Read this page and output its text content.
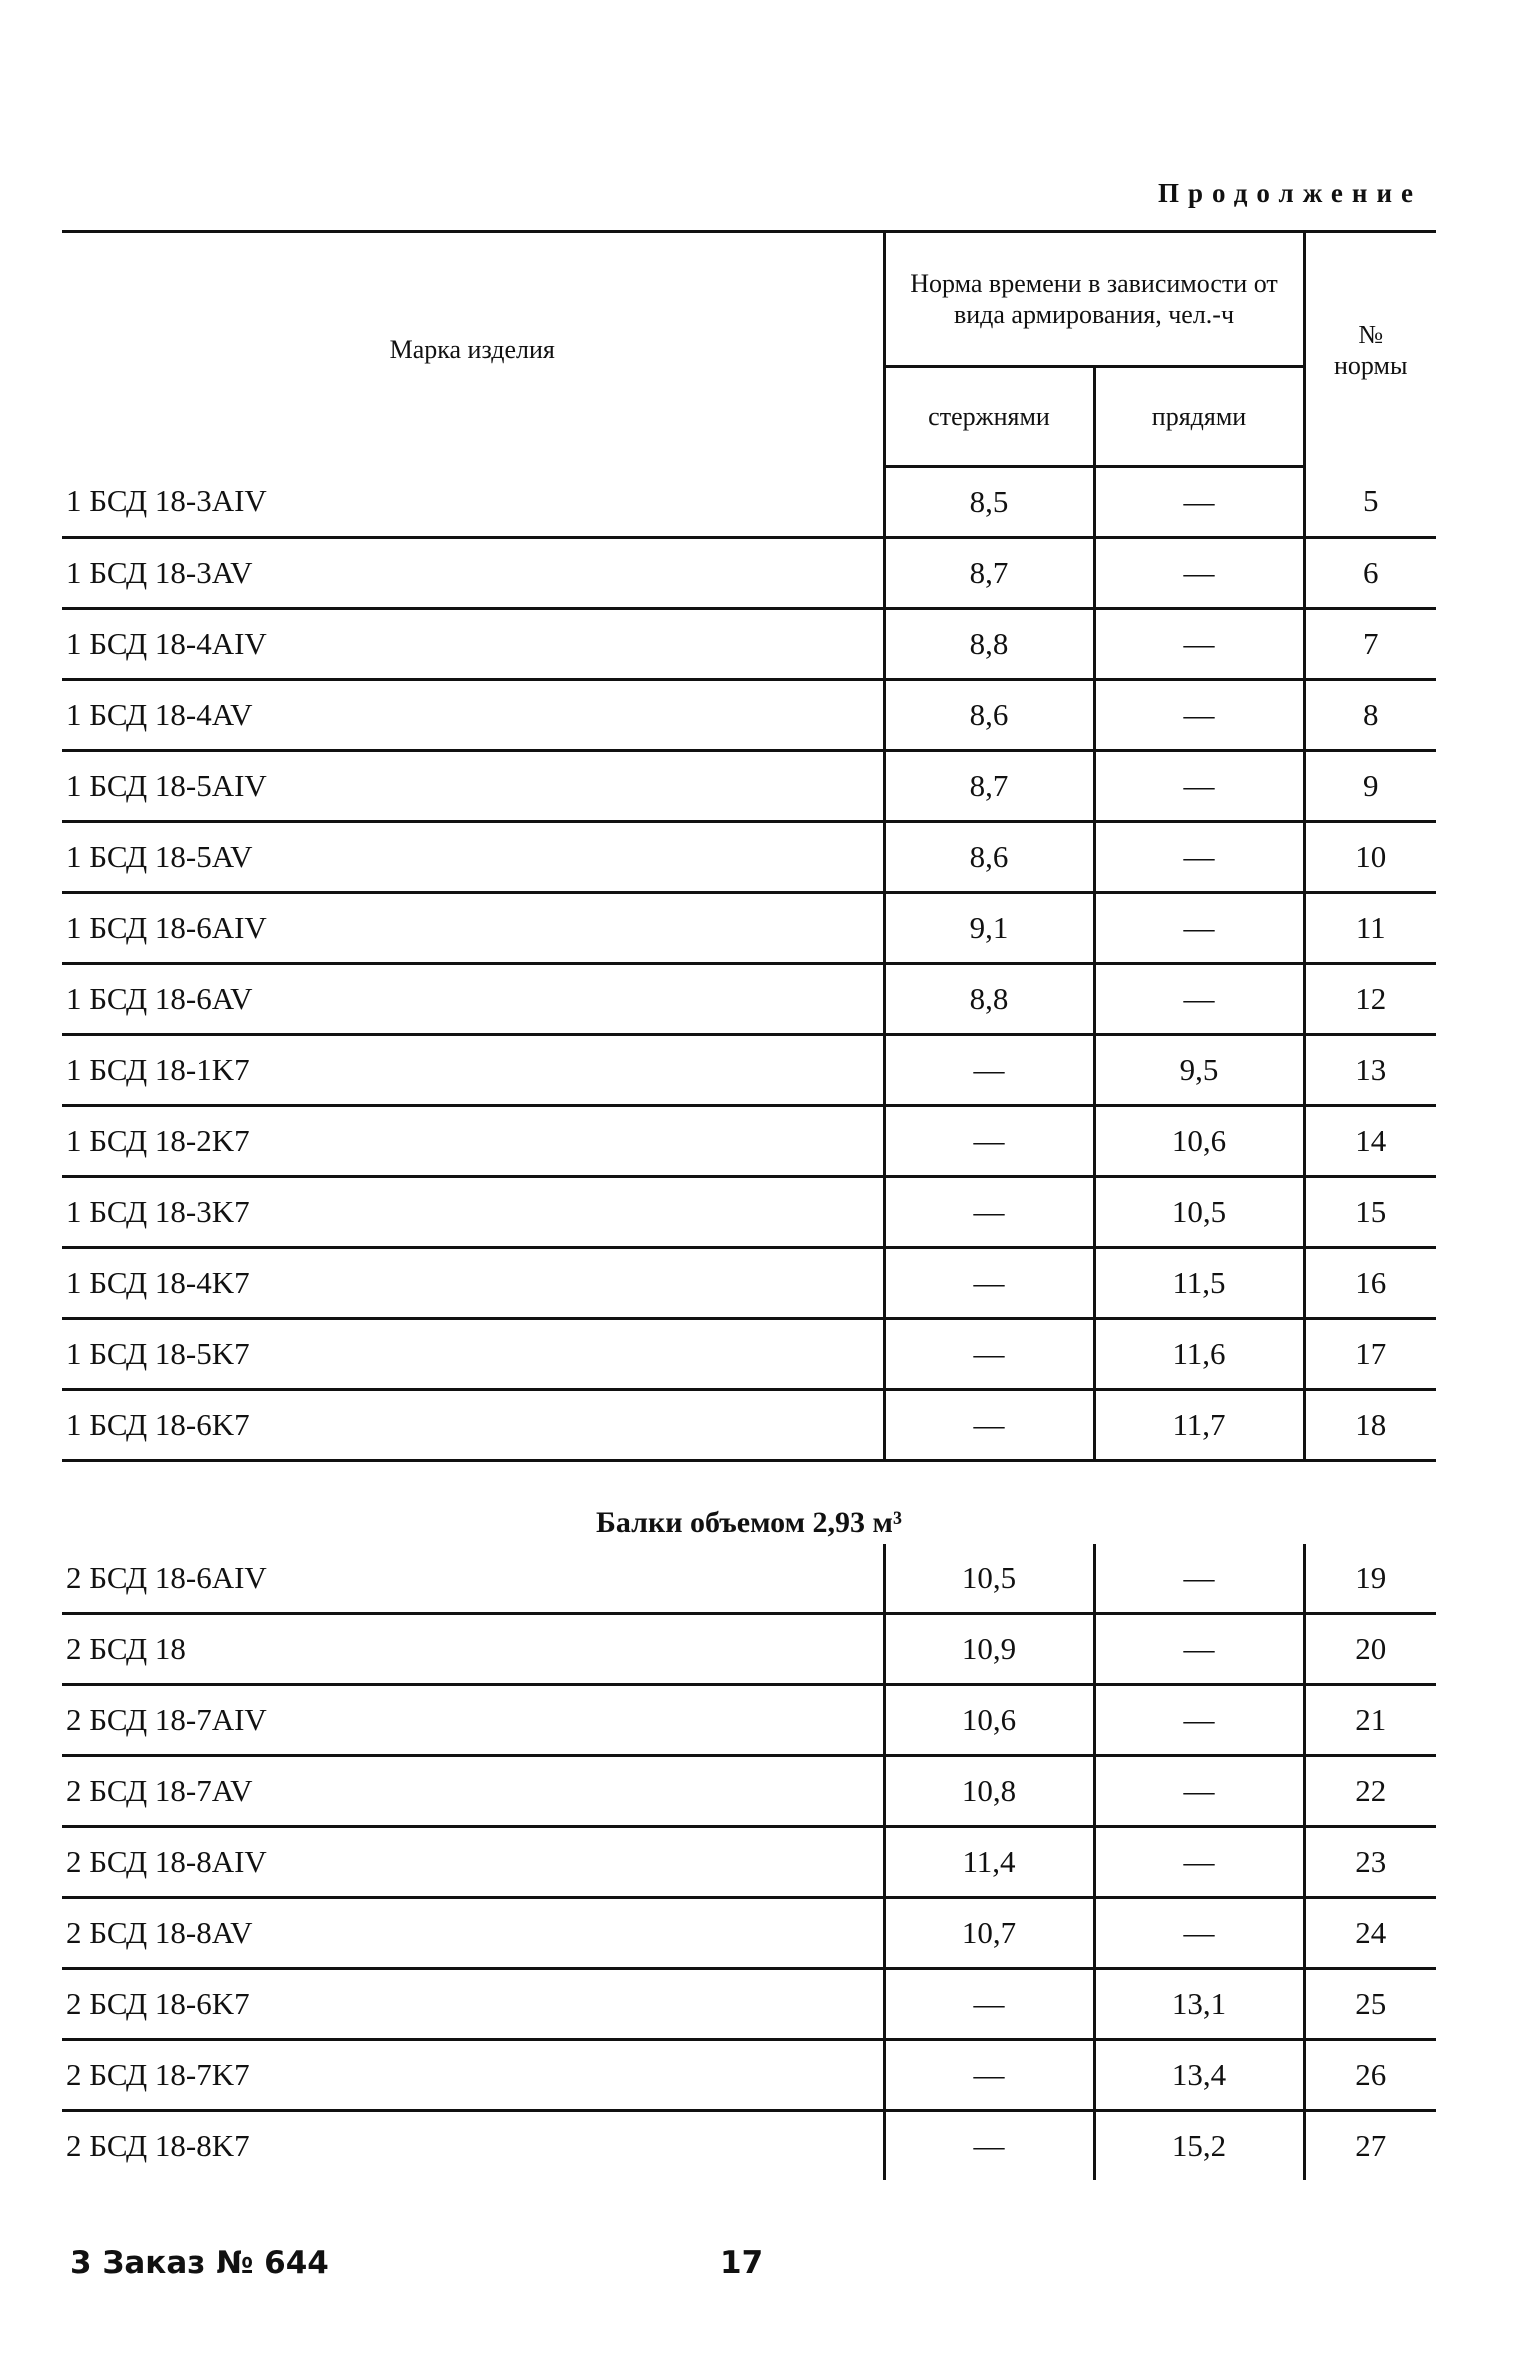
Продолжение
Марка изделия	Норма времени в зависимости от вида армирования, чел.-ч		№
нормы

	стержнями	прядями	
1 БСД 18-3AIV	8,5	—	5
1 БСД 18-3AV	8,7	—	6
1 БСД 18-4AIV	8,8	—	7
1 БСД 18-4AV	8,6	—	8
1 БСД 18-5AIV	8,7	—	9
1 БСД 18-5AV	8,6	—	10
1 БСД 18-6AIV	9,1	—	11
1 БСД 18-6AV	8,8	—	12
1 БСД 18-1K7	—	9,5	13
1 БСД 18-2K7	—	10,6	14
1 БСД 18-3K7	—	10,5	15
1 БСД 18-4K7	—	11,5	16
1 БСД 18-5K7	—	11,6	17
1 БСД 18-6K7	—	11,7	18
Балки объемом 2,93 м³			
2 БСД 18-6AIV	10,5	—	19
2 БСД 18	10,9	—	20
2 БСД 18-7AIV	10,6	—	21
2 БСД 18-7AV	10,8	—	22
2 БСД 18-8AIV	11,4	—	23
2 БСД 18-8AV	10,7	—	24
2 БСД 18-6K7	—	13,1	25
2 БСД 18-7K7	—	13,4	26
2 БСД 18-8K7	—	15,2	27
3 Заказ № 644	17
